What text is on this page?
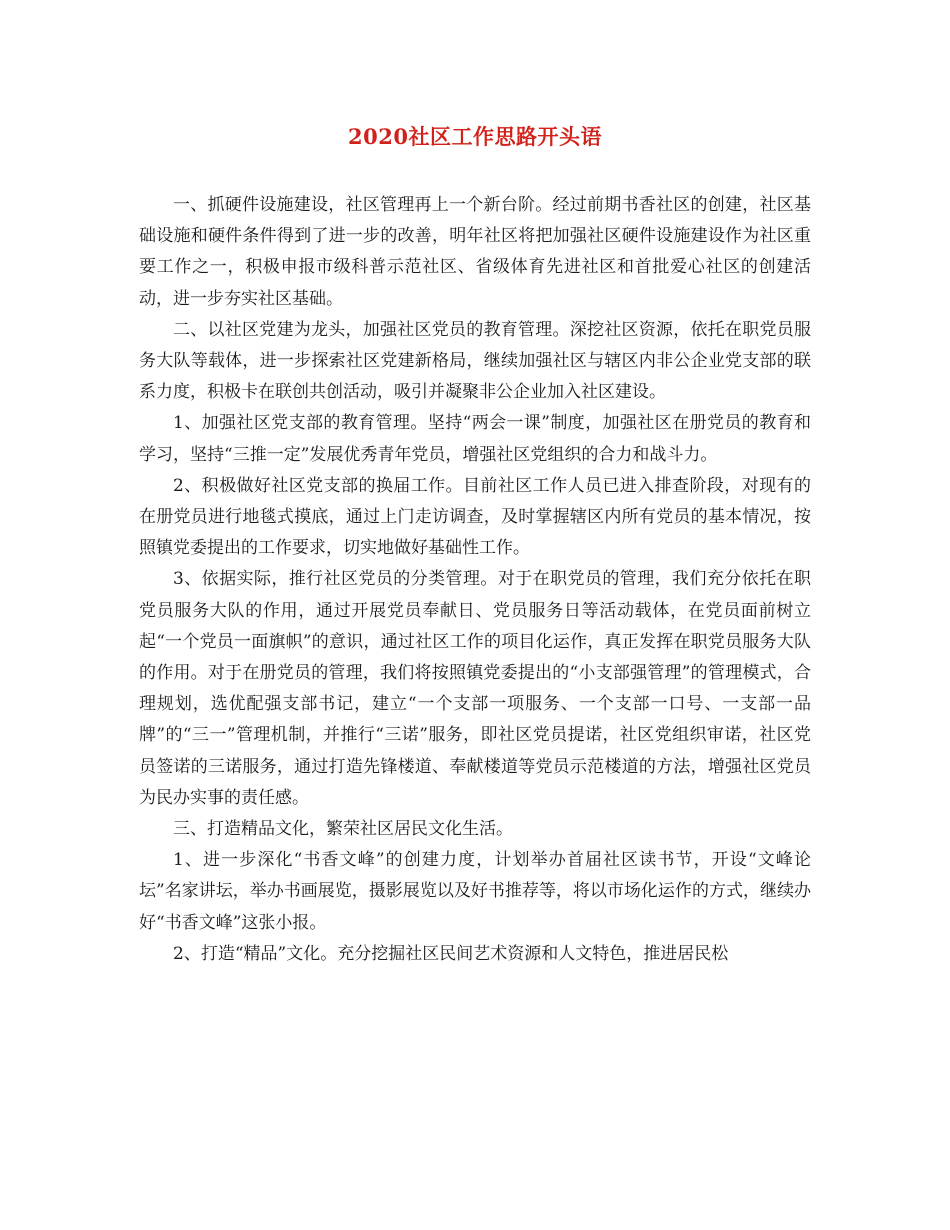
2020社区工作思路开头语

一、抓硬件设施建设，社区管理再上一个新台阶。经过前期书香社区的创建，社区基础设施和硬件条件得到了进一步的改善，明年社区将把加强社区硬件设施建设作为社区重要工作之一，积极申报市级科普示范社区、省级体育先进社区和首批爱心社区的创建活动，进一步夯实社区基础。

二、以社区党建为龙头，加强社区党员的教育管理。深挖社区资源，依托在职党员服务大队等载体，进一步探索社区党建新格局，继续加强社区与辖区内非公企业党支部的联系力度，积极卡在联创共创活动，吸引并凝聚非公企业加入社区建设。

1、加强社区党支部的教育管理。坚持“两会一课”制度，加强社区在册党员的教育和学习，坚持“三推一定”发展优秀青年党员，增强社区党组织的合力和战斗力。

2、积极做好社区党支部的换届工作。目前社区工作人员已进入排查阶段，对现有的在册党员进行地毯式摸底，通过上门走访调查，及时掌握辖区内所有党员的基本情况，按照镇党委提出的工作要求，切实地做好基础性工作。

3、依据实际，推行社区党员的分类管理。对于在职党员的管理，我们充分依托在职党员服务大队的作用，通过开展党员奉献日、党员服务日等活动载体，在党员面前树立起“一个党员一面旗帜”的意识，通过社区工作的项目化运作，真正发挥在职党员服务大队的作用。对于在册党员的管理，我们将按照镇党委提出的“小支部强管理”的管理模式，合理规划，选优配强支部书记，建立“一个支部一项服务、一个支部一口号、一支部一品牌”的“三一”管理机制，并推行“三诺”服务，即社区党员提诺，社区党组织审诺，社区党员签诺的三诺服务，通过打造先锋楼道、奉献楼道等党员示范楼道的方法，增强社区党员为民办实事的责任感。

三、打造精品文化，繁荣社区居民文化生活。

1、进一步深化“书香文峰”的创建力度，计划举办首届社区读书节，开设“文峰论坛”名家讲坛，举办书画展览，摄影展览以及好书推荐等，将以市场化运作的方式，继续办好“书香文峰”这张小报。

2、打造“精品”文化。充分挖掘社区民间艺术资源和人文特色，推进居民松
